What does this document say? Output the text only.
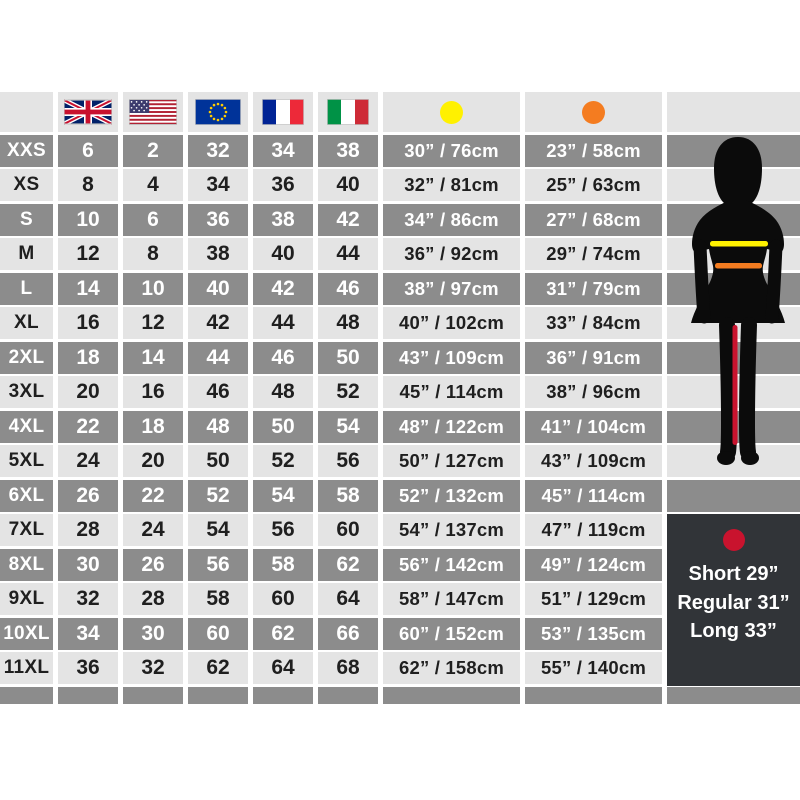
XXS	6	2	32	34	38	30” / 76cm	23” / 58cm
XS	8	4	34	36	40	32” / 81cm	25” / 63cm
S	10	6	36	38	42	34” / 86cm	27” / 68cm
M	12	8	38	40	44	36” / 92cm	29” / 74cm
L	14	10	40	42	46	38” / 97cm	31” / 79cm
XL	16	12	42	44	48	40” / 102cm	33” / 84cm
2XL	18	14	44	46	50	43” / 109cm	36” / 91cm
3XL	20	16	46	48	52	45” / 114cm	38” / 96cm
4XL	22	18	48	50	54	48” / 122cm	41” / 104cm
5XL	24	20	50	52	56	50” / 127cm	43” / 109cm
6XL	26	22	52	54	58	52” / 132cm	45” / 114cm
7XL	28	24	54	56	60	54” / 137cm	47” / 119cm
8XL	30	26	56	58	62	56” / 142cm	49” / 124cm
9XL	32	28	58	60	64	58” / 147cm	51” / 129cm
10XL	34	30	60	62	66	60” / 152cm	53” / 135cm
11XL	36	32	62	64	68	62” / 158cm	55” / 140cm
Short 29”
Regular 31”
Long 33”
